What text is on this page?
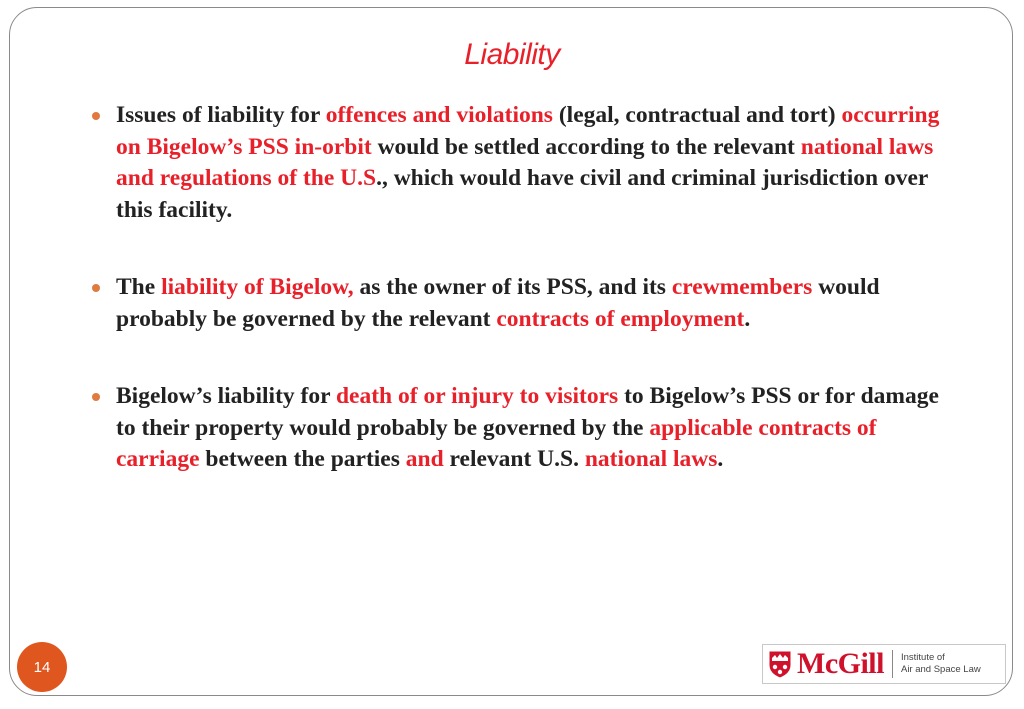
Liability
Issues of liability for offences and violations (legal, contractual and tort) occurring on Bigelow’s PSS in-orbit would be settled according to the relevant national laws and regulations of the U.S., which would have civil and criminal jurisdiction over this facility.
The liability of Bigelow, as the owner of its PSS, and its crewmembers would probably be governed by the relevant contracts of employment.
Bigelow’s liability for death of or injury to visitors to Bigelow’s PSS or for damage to their property would probably be governed by the applicable contracts of carriage between the parties and relevant U.S. national laws.
14	McGill Institute of
Air and Space Law
